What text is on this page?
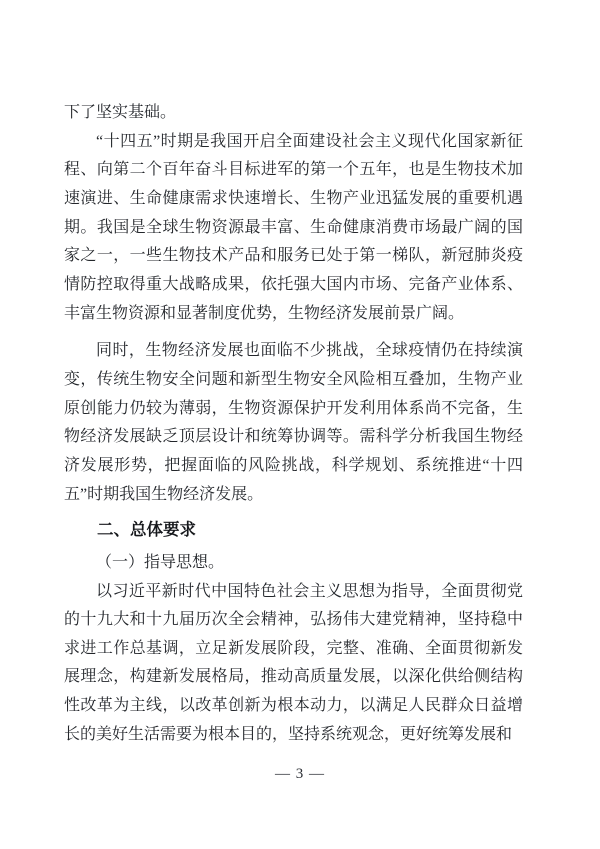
下了坚实基础。

“十四五”时期是我国开启全面建设社会主义现代化国家新征程、向第二个百年奋斗目标进军的第一个五年，也是生物技术加速演进、生命健康需求快速增长、生物产业迅猛发展的重要机遇期。我国是全球生物资源最丰富、生命健康消费市场最广阔的国家之一，一些生物技术产品和服务已处于第一梯队，新冠肺炎疫情防控取得重大战略成果，依托强大国内市场、完备产业体系、丰富生物资源和显著制度优势，生物经济发展前景广阔。

同时，生物经济发展也面临不少挑战，全球疫情仍在持续演变，传统生物安全问题和新型生物安全风险相互叠加，生物产业原创能力仍较为薄弱，生物资源保护开发利用体系尚不完备，生物经济发展缺乏顶层设计和统筹协调等。需科学分析我国生物经济发展形势，把握面临的风险挑战，科学规划、系统推进“十四五”时期我国生物经济发展。

二、总体要求
（一）指导思想。

以习近平新时代中国特色社会主义思想为指导，全面贯彻党的十九大和十九届历次全会精神，弘扬伟大建党精神，坚持稳中求进工作总基调，立足新发展阶段，完整、准确、全面贯彻新发展理念，构建新发展格局，推动高质量发展，以深化供给侧结构性改革为主线，以改革创新为根本动力，以满足人民群众日益增长的美好生活需要为根本目的，坚持系统观念，更好统筹发展和

— 3 —
